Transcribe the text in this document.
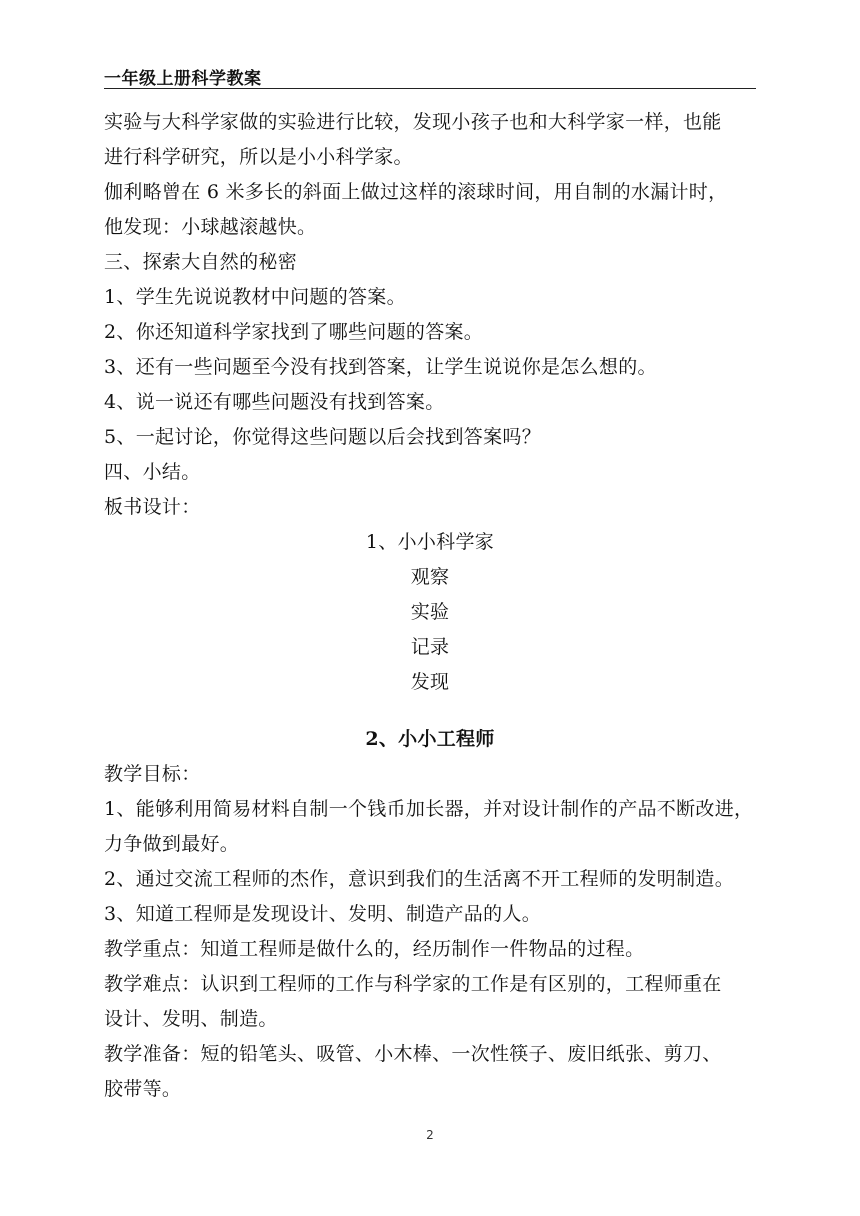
一年级上册科学教案

实验与大科学家做的实验进行比较，发现小孩子也和大科学家一样，也能

进行科学研究，所以是小小科学家。

伽利略曾在 6 米多长的斜面上做过这样的滚球时间，用自制的水漏计时，

他发现：小球越滚越快。

三、探索大自然的秘密

1、学生先说说教材中问题的答案。

2、你还知道科学家找到了哪些问题的答案。

3、还有一些问题至今没有找到答案，让学生说说你是怎么想的。

4、说一说还有哪些问题没有找到答案。

5、一起讨论，你觉得这些问题以后会找到答案吗？

四、小结。

板书设计：

1、小小科学家

观察

实验

记录

发现

2、小小工程师

教学目标：

1、能够利用简易材料自制一个钱币加长器，并对设计制作的产品不断改进，

力争做到最好。

2、通过交流工程师的杰作，意识到我们的生活离不开工程师的发明制造。

3、知道工程师是发现设计、发明、制造产品的人。

教学重点：知道工程师是做什么的，经历制作一件物品的过程。

教学难点：认识到工程师的工作与科学家的工作是有区别的，工程师重在

设计、发明、制造。

教学准备：短的铅笔头、吸管、小木棒、一次性筷子、废旧纸张、剪刀、

胶带等。

2
